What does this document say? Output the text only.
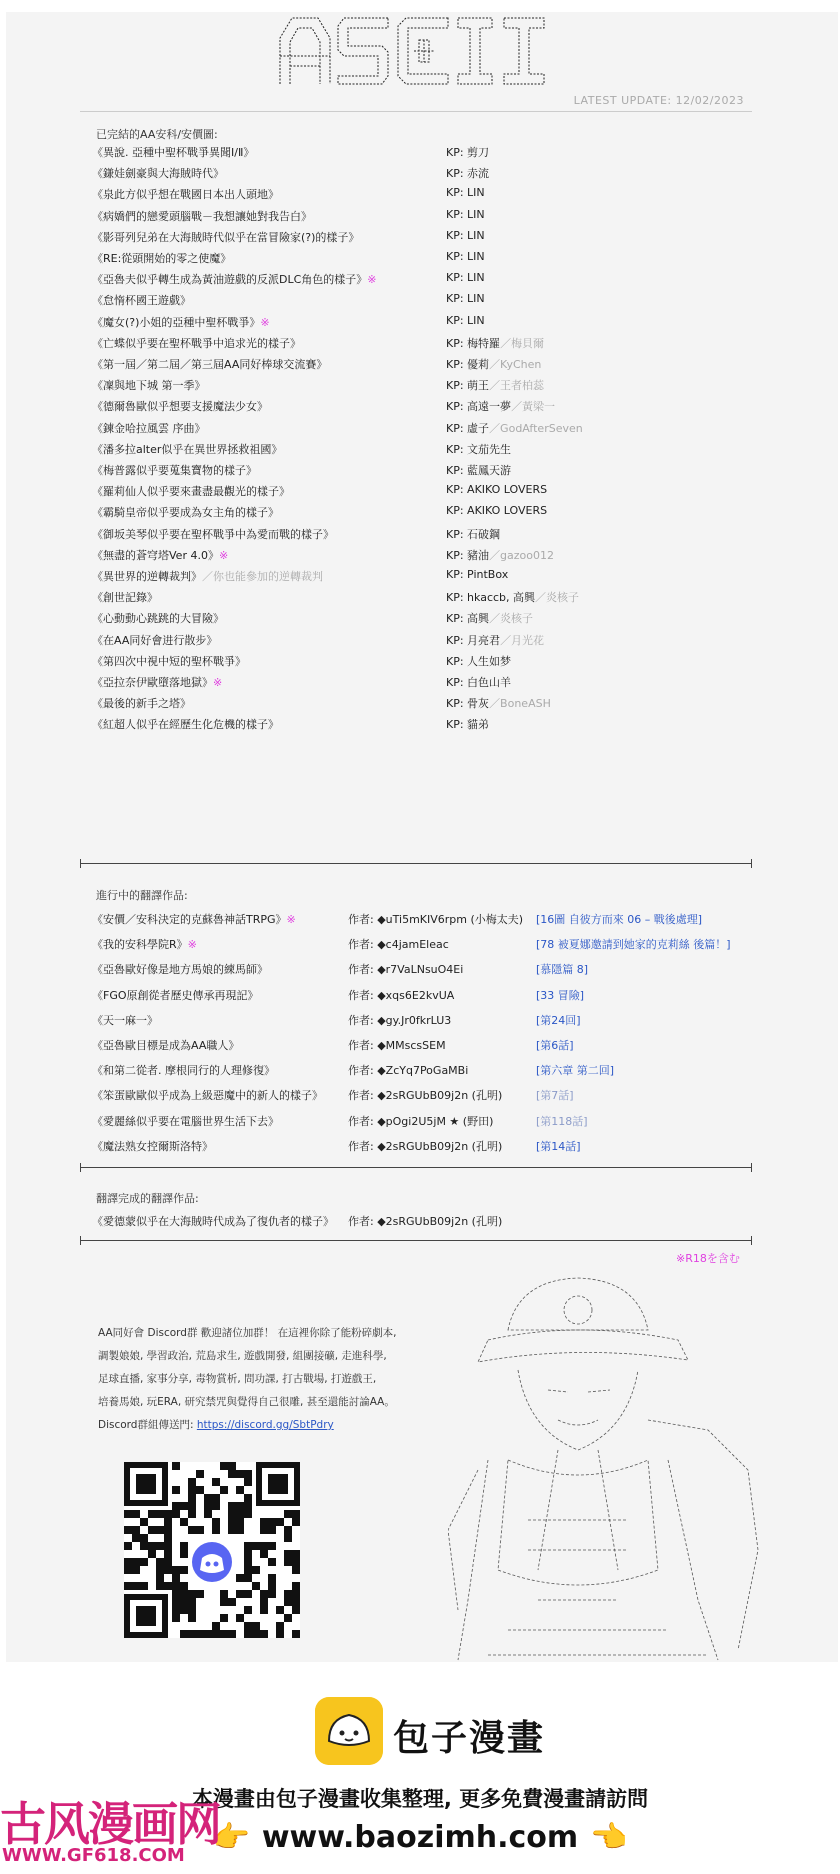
LATEST UPDATE: 12/02/2023
已完結的AA安科/安價圖:
《異說. 亞種中聖杯戰爭異聞Ⅰ/Ⅱ》	KP: 剪刀
《鎌娃劍豪與大海賊時代》	KP: 赤流
《泉此方似乎想在戰國日本出人頭地》	KP: LIN
《病嬌們的戀愛頭腦戰－我想讓她對我告白》	KP: LIN
《影哥列兒弟在大海賊時代似乎在當冒險家(?)的樣子》	KP: LIN
《RE:從頭開始的零之使魔》	KP: LIN
《亞魯夫似乎轉生成為黃油遊戲的反派DLC角色的樣子》※	KP: LIN
《怠惰杯國王遊戲》	KP: LIN
《魔女(?)小姐的亞種中聖杯戰爭》※	KP: LIN
《亡蝶似乎要在聖杯戰爭中追求光的樣子》	KP: 梅特羅／梅貝爾
《第一屆／第二屆／第三屆AA同好棒球交流賽》	KP: 優莉／KyChen
《凜與地下城 第一季》	KP: 萌王／王者柏蕊
《德爾魯歐似乎想要支援魔法少女》	KP: 高遠一夢／黃梁一
《鍊金哈拉風雲 序曲》	KP: 虛子／GodAfterSeven
《潘多拉alter似乎在異世界拯救祖國》	KP: 文茄先生
《梅普露似乎要蒐集寶物的樣子》	KP: 藍鳳天游
《羅莉仙人似乎要來畫盡最觀光的樣子》	KP: AKIKO LOVERS
《霸騎皇帝似乎要成為女主角的樣子》	KP: AKIKO LOVERS
《御坂美琴似乎要在聖杯戰爭中為愛而戰的樣子》	KP: 石破鋼
《無盡的蒼穹塔Ver 4.0》※	KP: 豬油／gazoo012
《異世界的逆轉裁判》／你也能參加的逆轉裁判	KP: PintBox
《創世記錄》	KP: hkaccb, 高興／炎核子
《心動動心跳跳的大冒險》	KP: 高興／炎核子
《在AA同好會进行散步》	KP: 月亮君／月光花
《第四次中視中短的聖杯戰爭》	KP: 人生如梦
《亞拉奈伊歐墮落地獄》※	KP: 白色山羊
《最後的新手之塔》	KP: 骨灰／BoneASH
《紅超人似乎在經歷生化危機的樣子》	KP: 貓弟
進行中的翻譯作品:
《安價／安科決定的克蘇魯神話TRPG》※	作者: ◆uTi5mKIV6rpm (小梅太夫) [16圖 自彼方而來 06 – 戰後處理]
《我的安科學院R》※	作者: ◆c4jamEleac	[78 被夏娜邀請到她家的克莉絲 後篇！]
《亞魯歐好像是地方馬娘的練馬師》	作者: ◆r7VaLNsuO4Ei	[慕隱篇 8]
《FGO原創從者歷史傳承再現記》	作者: ◆xqs6E2kvUA	[33 冒險]
《天一麻一》	作者: ◆gy.Jr0fkrLU3	[第24回]
《亞魯歐目標是成為AA職人》	作者: ◆MMscsSEM	[第6話]
《和第二從者. 摩根同行的人理修復》	作者: ◆ZcYq7PoGaMBi	[第六章 第二回]
《笨蛋歐歐似乎成為上級惡魔中的新人的樣子》 作者: ◆2sRGUbB09j2n (孔明)	[第7話]
《愛麗絲似乎要在電腦世界生活下去》	作者: ◆pOgi2U5jM ★ (野田)	[第118話]
《魔法熟女控爾斯洛特》	作者: ◆2sRGUbB09j2n (孔明)	[第14話]
翻譯完成的翻譯作品:
《愛德蒙似乎在大海賊時代成為了復仇者的樣子》 作者: ◆2sRGUbB09j2n (孔明)
※R18を含む
AA同好會 Discord群 歡迎諸位加群！ 在這裡你除了能粉碎劇本,
調製娘娘, 學習政治, 荒島求生, 遊戲開發, 組團接礦, 走進科學,
足球直播, 家事分享, 毒物賞析, 問功課, 打古戰場, 打遊戲王,
培養馬娘, 玩ERA, 研究禁咒與覺得自己很雕, 甚至還能討論AA。
Discord群組傳送門: https://discord.gg/SbtPdry
包子漫畫
本漫畫由包子漫畫收集整理, 更多免費漫畫請訪問
👉 www.baozimh.com 👈
古风漫画网
WWW.GF618.COM
